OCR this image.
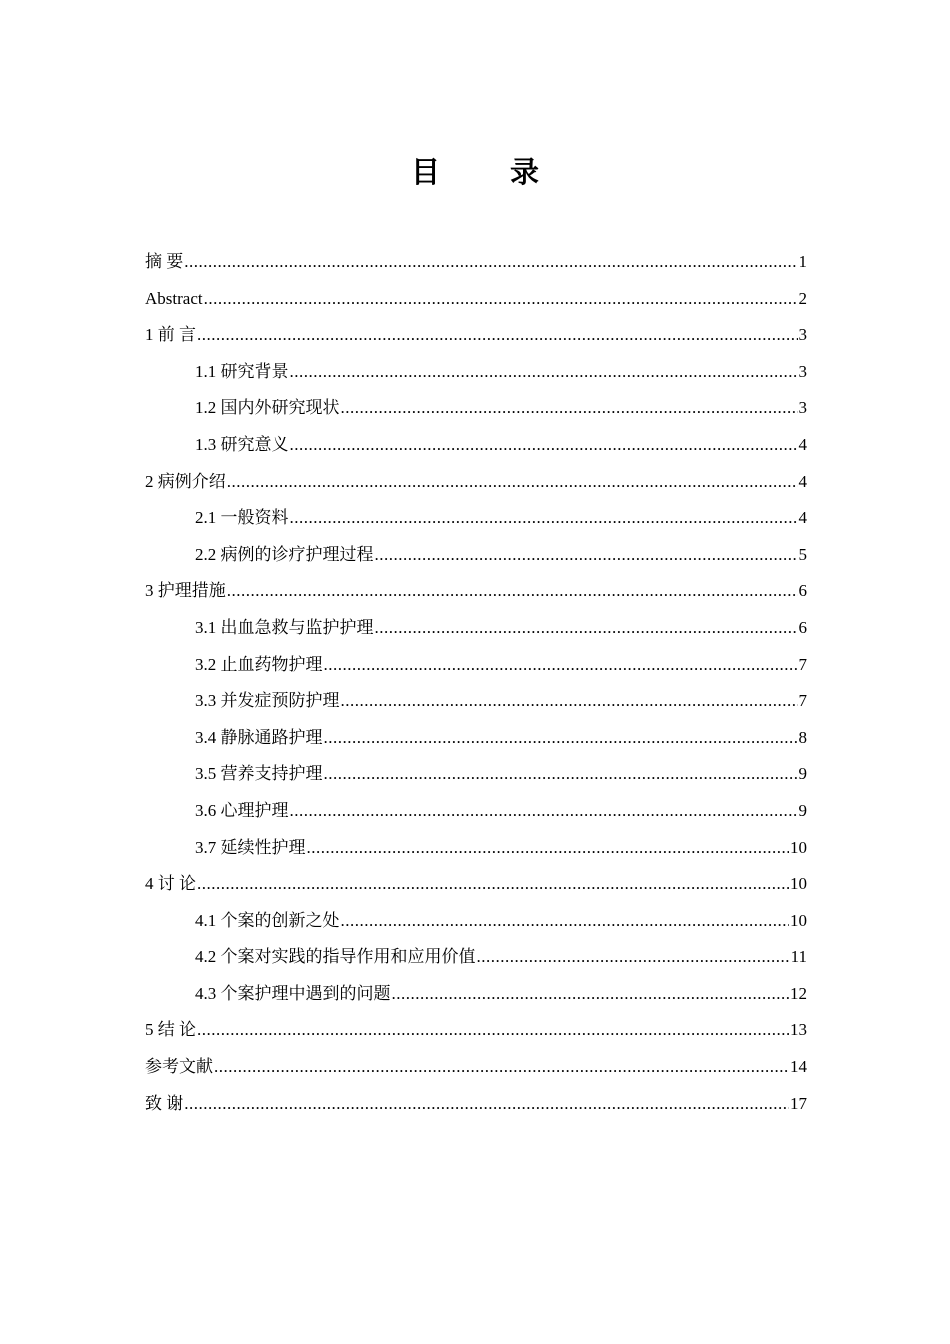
目 录
摘 要 .....	1
Abstract .....	2
1 前 言 .....	3
1.1 研究背景 .....	3
1.2 国内外研究现状 .....	3
1.3 研究意义 .....	4
2 病例介绍 .....	4
2.1 一般资料 .....	4
2.2 病例的诊疗护理过程 .....	5
3 护理措施 .....	6
3.1 出血急救与监护护理 .....	6
3.2 止血药物护理 .....	7
3.3 并发症预防护理 .....	7
3.4 静脉通路护理 .....	8
3.5 营养支持护理 .....	9
3.6 心理护理 .....	9
3.7 延续性护理 .....	10
4 讨 论 .....	10
4.1 个案的创新之处 .....	10
4.2 个案对实践的指导作用和应用价值 .....	11
4.3 个案护理中遇到的问题 .....	12
5 结 论 .....	13
参考文献 .....	14
致 谢 .....	17
